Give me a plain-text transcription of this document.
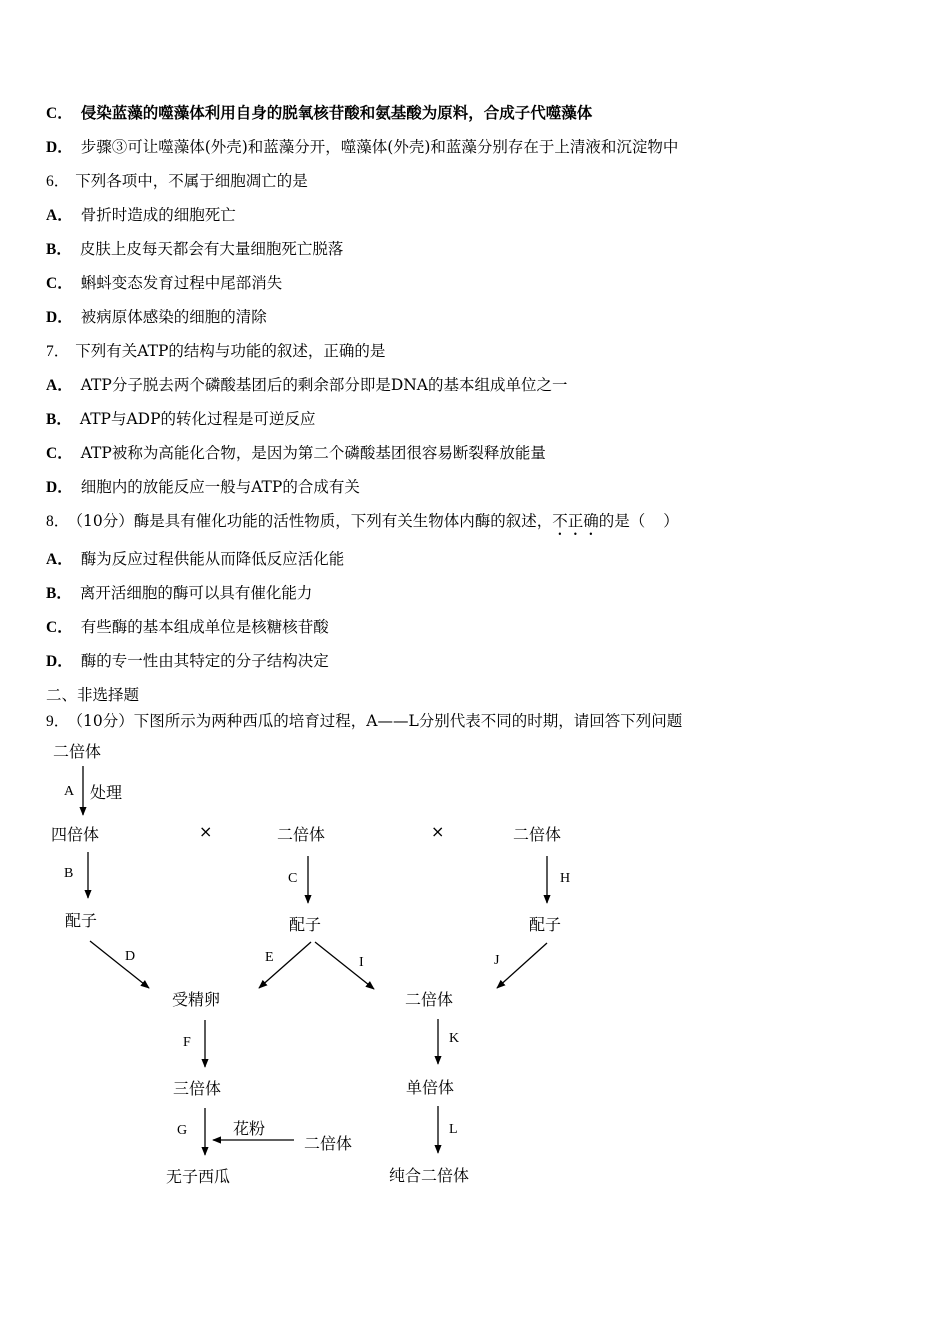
C． 侵染蓝藻的噬藻体利用自身的脱氧核苷酸和氨基酸为原料，合成子代噬藻体
D． 步骤③可让噬藻体(外壳)和蓝藻分开，噬藻体(外壳)和蓝藻分别存在于上清液和沉淀物中
6． 下列各项中，不属于细胞凋亡的是
A． 骨折时造成的细胞死亡
B． 皮肤上皮每天都会有大量细胞死亡脱落
C． 蝌蚪变态发育过程中尾部消失
D． 被病原体感染的细胞的清除
7． 下列有关ATP的结构与功能的叙述，正确的是
A． ATP分子脱去两个磷酸基团后的剩余部分即是DNA的基本组成单位之一
B． ATP与ADP的转化过程是可逆反应
C． ATP被称为高能化合物，是因为第二个磷酸基团很容易断裂释放能量
D． 细胞内的放能反应一般与ATP的合成有关
8． （10分）酶是具有催化功能的活性物质，下列有关生物体内酶的叙述，不正确的是（ ）
A． 酶为反应过程供能从而降低反应活化能
B． 离开活细胞的酶可以具有催化能力
C． 有些酶的基本组成单位是核糖核苷酸
D． 酶的专一性由其特定的分子结构决定
二、非选择题
9． （10分）下图所示为两种西瓜的培育过程，A——L分别代表不同的时期，请回答下列问题
二倍体
A 处理
四倍体	×	二倍体	×	二倍体
B	C	H
配子	配子	配子
D	E	I	J
受精卵	二倍体
F	K
三倍体	单倍体
G	花粉
二倍体
L
无子西瓜	纯合二倍体
